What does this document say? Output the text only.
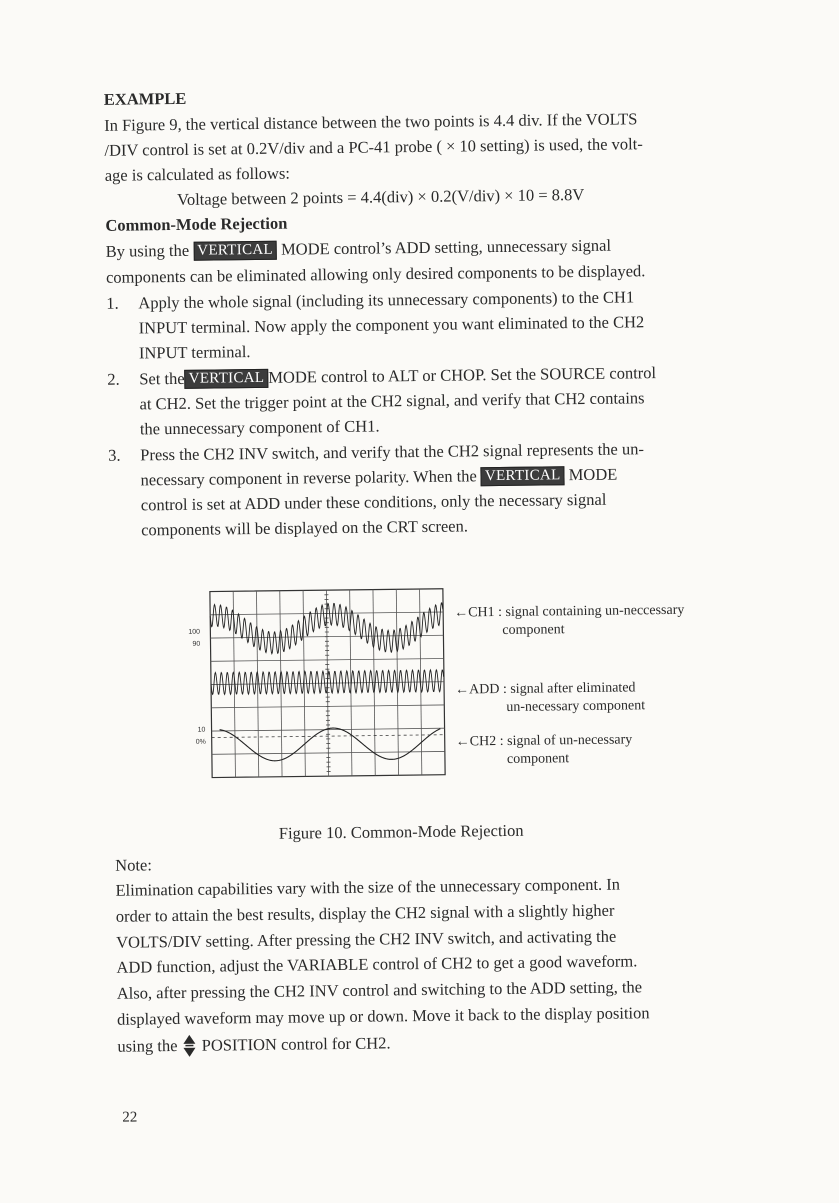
EXAMPLE
In Figure 9, the vertical distance between the two points is 4.4 div. If the VOLTS
/DIV control is set at 0.2V/div and a PC-41 probe ( × 10 setting) is used, the volt-
age is calculated as follows:
Voltage between 2 points = 4.4(div) × 0.2(V/div) × 10 = 8.8V
Common-Mode Rejection
By using the VERTICAL MODE control’s ADD setting, unnecessary signal
components can be eliminated allowing only desired components to be displayed.
1. Apply the whole signal (including its unnecessary components) to the CH1
INPUT terminal. Now apply the component you want eliminated to the CH2
INPUT terminal.
2. Set the VERTICAL MODE control to ALT or CHOP. Set the SOURCE control
at CH2. Set the trigger point at the CH2 signal, and verify that CH2 contains
the unnecessary component of CH1.
3. Press the CH2 INV switch, and verify that the CH2 signal represents the un-
necessary component in reverse polarity. When the VERTICAL MODE
control is set at ADD under these conditions, only the necessary signal
components will be displayed on the CRT screen.
100
90
10
0%
←CH1 : signal containing un-neccessary
component
←ADD : signal after eliminated
un-necessary component
←CH2 : signal of un-necessary
component
Figure 10. Common-Mode Rejection
Note:
Elimination capabilities vary with the size of the unnecessary component. In
order to attain the best results, display the CH2 signal with a slightly higher
VOLTS/DIV setting. After pressing the CH2 INV switch, and activating the
ADD function, adjust the VARIABLE control of CH2 to get a good waveform.
Also, after pressing the CH2 INV control and switching to the ADD setting, the
displayed waveform may move up or down. Move it back to the display position
using the POSITION control for CH2.
22
